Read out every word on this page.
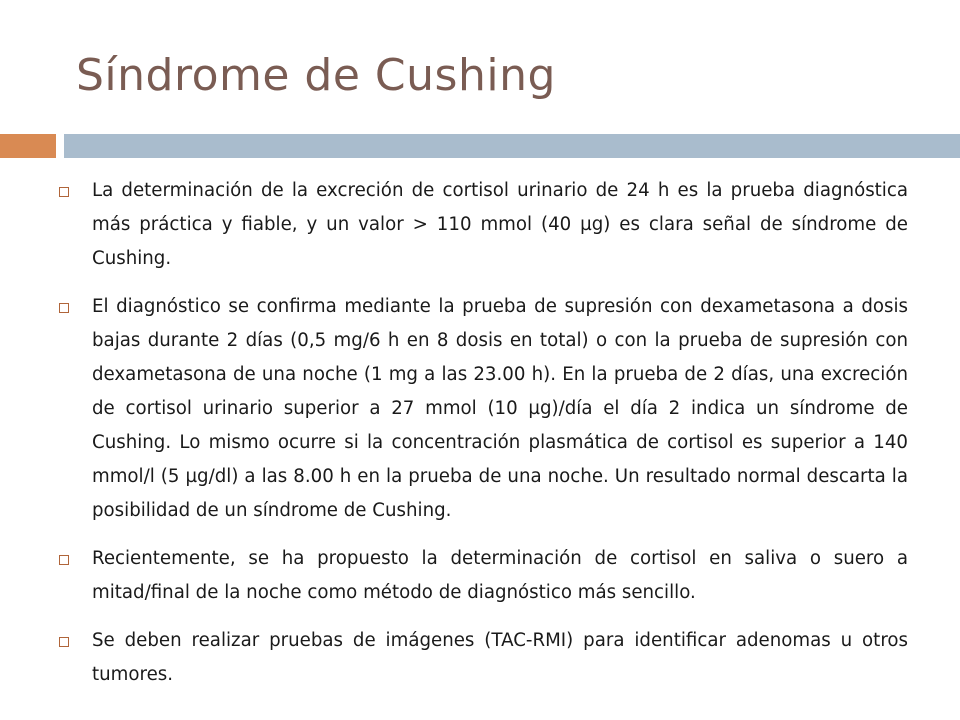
Síndrome de Cushing
La determinación de la excreción de cortisol urinario de 24 h es la prueba diagnóstica más práctica y fiable, y un valor > 110 mmol (40 µg) es clara señal de síndrome de Cushing.
El diagnóstico se confirma mediante la prueba de supresión con dexametasona a dosis bajas durante 2 días (0,5 mg/6 h en 8 dosis en total) o con la prueba de supresión con dexametasona de una noche (1 mg a las 23.00 h). En la prueba de 2 días, una excreción de cortisol urinario superior a 27 mmol (10 µg)/día el día 2 indica un síndrome de Cushing. Lo mismo ocurre si la concentración plasmática de cortisol es superior a 140 mmol/l (5 µg/dl) a las 8.00 h en la prueba de una noche. Un resultado normal descarta la posibilidad de un síndrome de Cushing.
Recientemente, se ha propuesto la determinación de cortisol en saliva o suero a mitad/final de la noche como método de diagnóstico más sencillo.
Se deben realizar pruebas de imágenes (TAC-RMI) para identificar adenomas u otros tumores.
